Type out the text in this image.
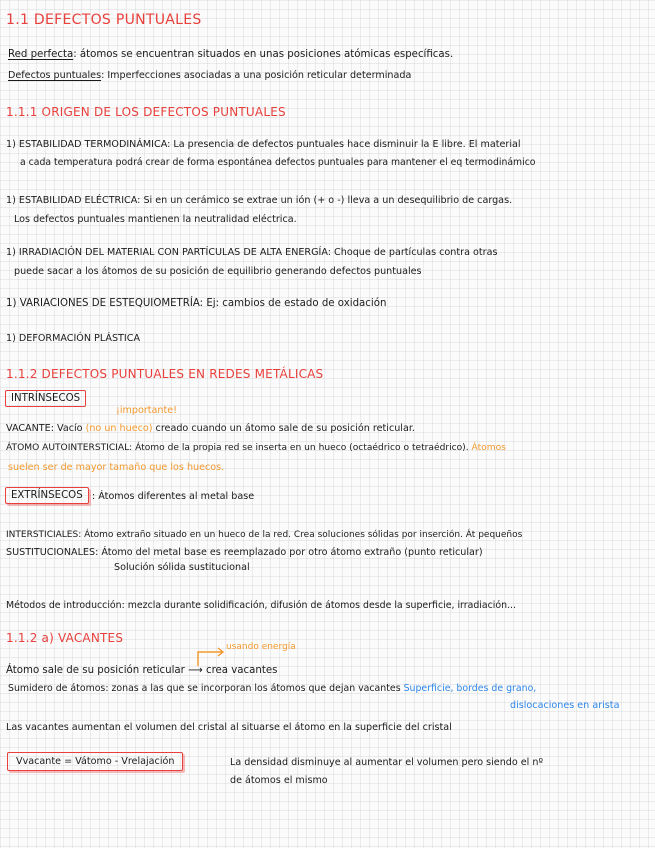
1.1 DEFECTOS PUNTUALES
Red perfecta: átomos se encuentran situados en unas posiciones atómicas específicas.
Defectos puntuales: Imperfecciones asociadas a una posición reticular determinada
1.1.1 ORIGEN DE LOS DEFECTOS PUNTUALES
1) ESTABILIDAD TERMODINÁMICA: La presencia de defectos puntuales hace disminuir la E libre. El material
a cada temperatura podrá crear de forma espontánea defectos puntuales para mantener el eq termodinámico
1) ESTABILIDAD ELÉCTRICA: Si en un cerámico se extrae un ión (+ o -) lleva a un desequilibrio de cargas.
Los defectos puntuales mantienen la neutralidad eléctrica.
1) IRRADIACIÓN DEL MATERIAL CON PARTÍCULAS DE ALTA ENERGÍA: Choque de partículas contra otras
puede sacar a los átomos de su posición de equilibrio generando defectos puntuales
1) VARIACIONES DE ESTEQUIOMETRÍA: Ej: cambios de estado de oxidación
1) DEFORMACIÓN PLÁSTICA
1.1.2 DEFECTOS PUNTUALES EN REDES METÁLICAS
INTRÍNSECOS
¡importante!
VACANTE: Vacío (no un hueco) creado cuando un átomo sale de su posición reticular.
ÁTOMO AUTOINTERSTICIAL: Átomo de la propia red se inserta en un hueco (octaédrico o tetraédrico). Átomos
suelen ser de mayor tamaño que los huecos.
EXTRÍNSECOS : Átomos diferentes al metal base
INTERSTICIALES: Átomo extraño situado en un hueco de la red. Crea soluciones sólidas por inserción. Át pequeños
SUSTITUCIONALES: Átomo del metal base es reemplazado por otro átomo extraño (punto reticular)
Solución sólida sustitucional
Métodos de introducción: mezcla durante solidificación, difusión de átomos desde la superficie, irradiación...
1.1.2 a) VACANTES
usando energía
Átomo sale de su posición reticular ⟶ crea vacantes
Sumidero de átomos: zonas a las que se incorporan los átomos que dejan vacantes Superficie, bordes de grano,
dislocaciones en arista
Las vacantes aumentan el volumen del cristal al situarse el átomo en la superficie del cristal
Vvacante = Vátomo - Vrelajación	La densidad disminuye al aumentar el volumen pero siendo el nº
de átomos el mismo
